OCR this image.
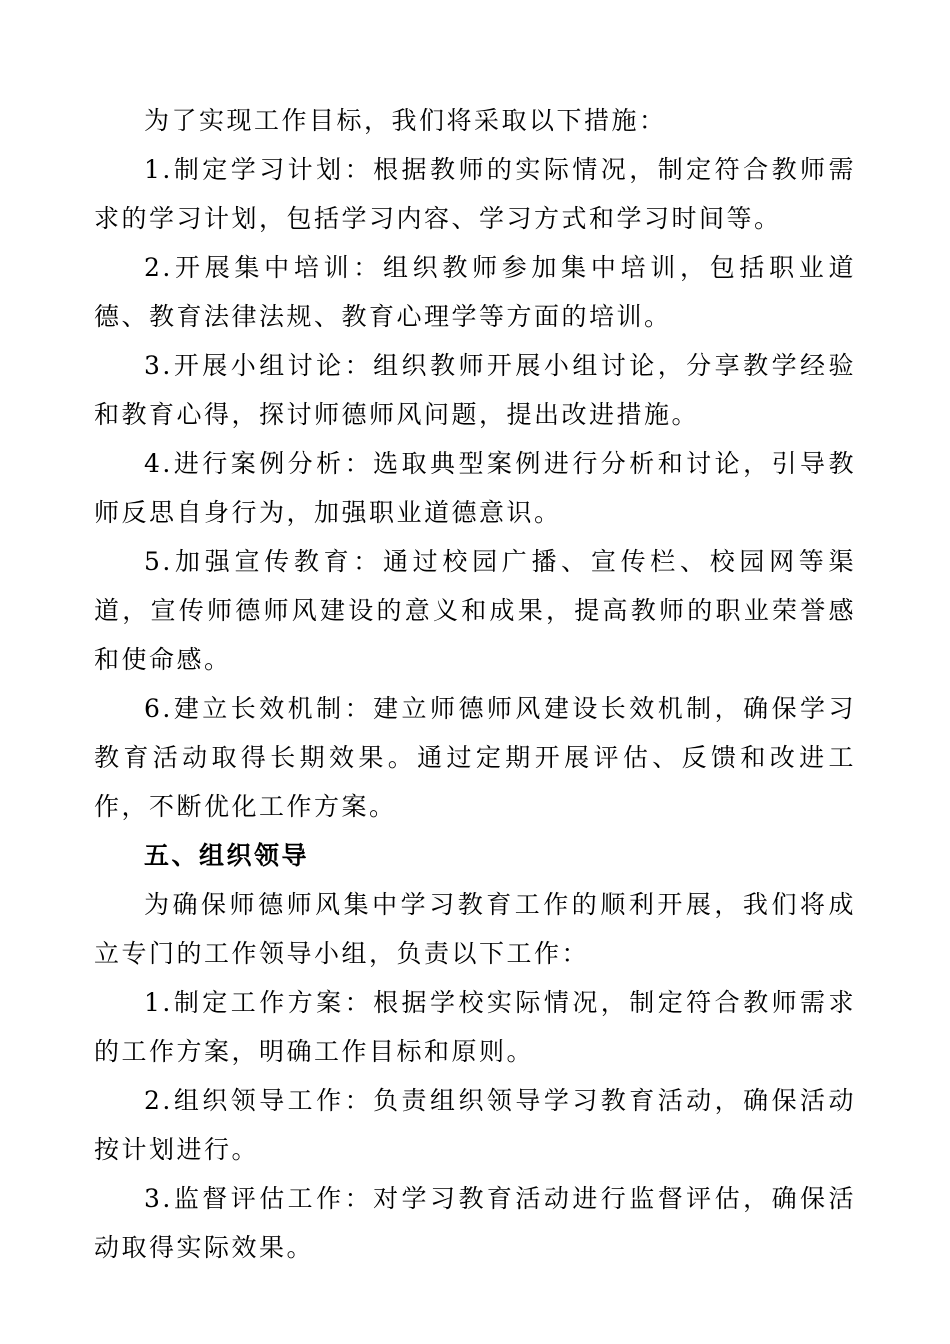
为了实现工作目标，我们将采取以下措施：

1.制定学习计划：根据教师的实际情况，制定符合教师需求的学习计划，包括学习内容、学习方式和学习时间等。

2.开展集中培训：组织教师参加集中培训，包括职业道德、教育法律法规、教育心理学等方面的培训。

3.开展小组讨论：组织教师开展小组讨论，分享教学经验和教育心得，探讨师德师风问题，提出改进措施。

4.进行案例分析：选取典型案例进行分析和讨论，引导教师反思自身行为，加强职业道德意识。

5.加强宣传教育：通过校园广播、宣传栏、校园网等渠道，宣传师德师风建设的意义和成果，提高教师的职业荣誉感和使命感。

6.建立长效机制：建立师德师风建设长效机制，确保学习教育活动取得长期效果。通过定期开展评估、反馈和改进工作，不断优化工作方案。

五、组织领导

为确保师德师风集中学习教育工作的顺利开展，我们将成立专门的工作领导小组，负责以下工作：

1.制定工作方案：根据学校实际情况，制定符合教师需求的工作方案，明确工作目标和原则。

2.组织领导工作：负责组织领导学习教育活动，确保活动按计划进行。

3.监督评估工作：对学习教育活动进行监督评估，确保活动取得实际效果。
